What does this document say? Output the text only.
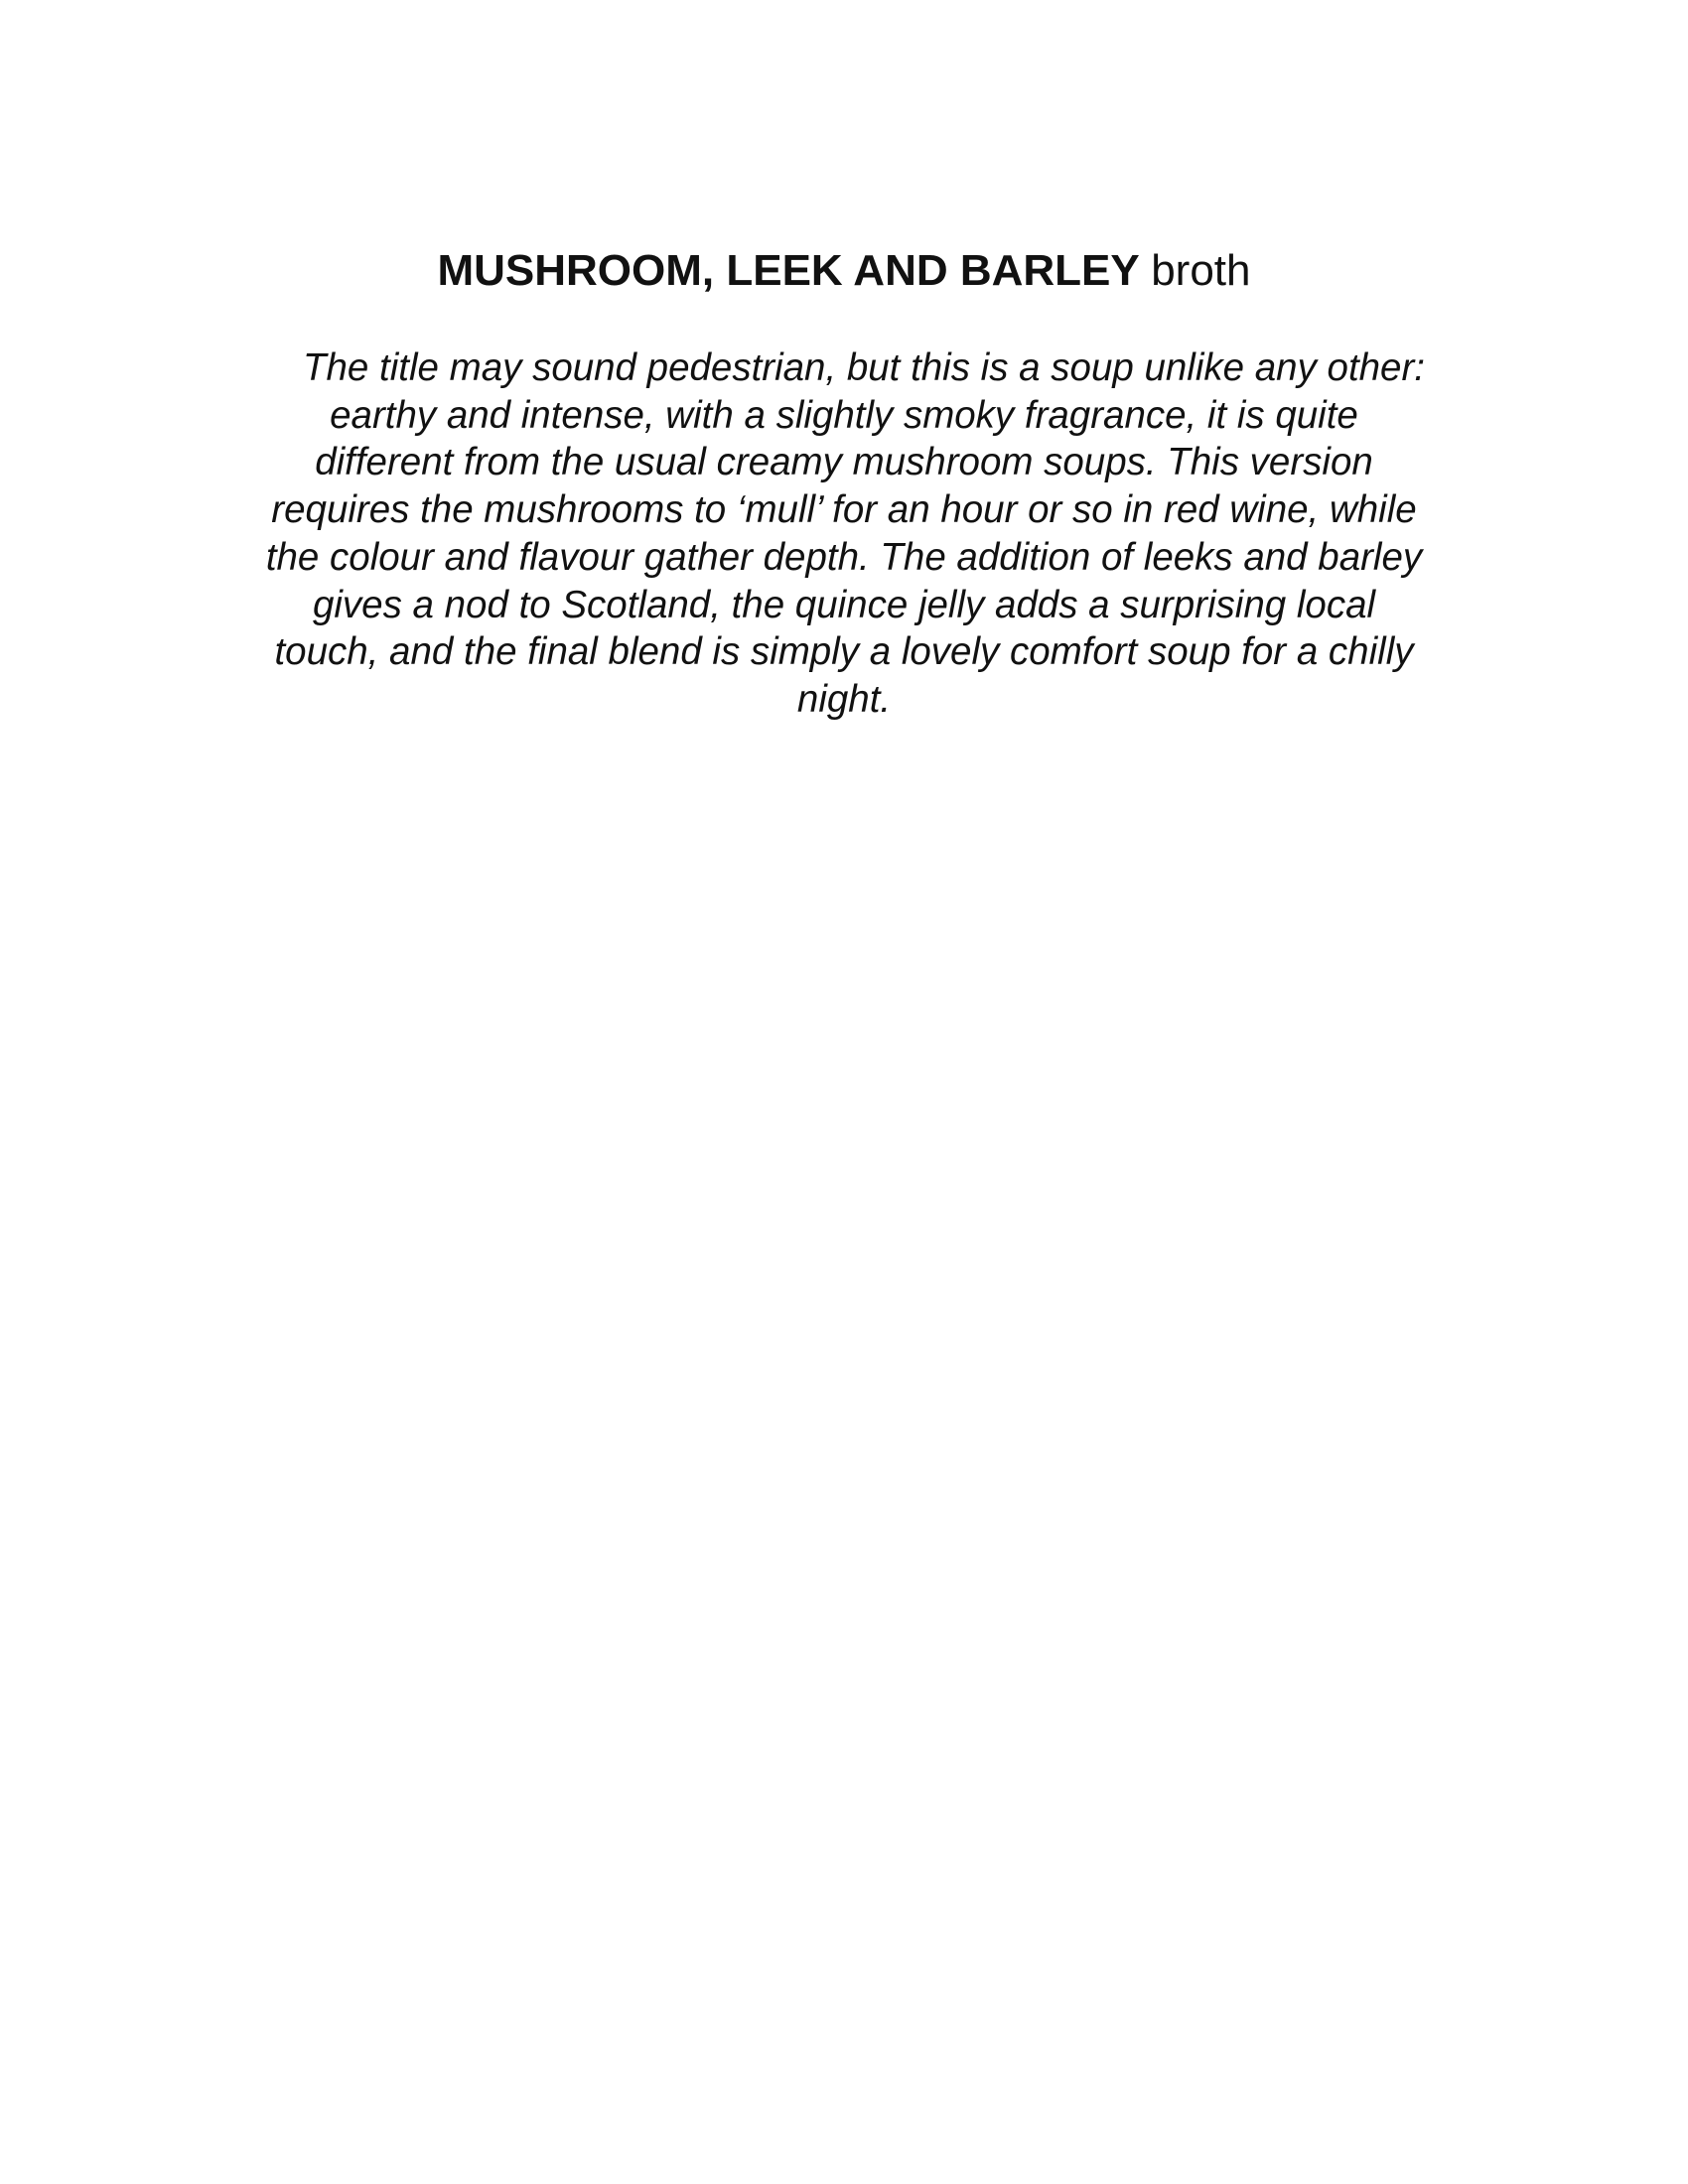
MUSHROOM, LEEK AND BARLEY broth

The title may sound pedestrian, but this is a soup unlike any other:
earthy and intense, with a slightly smoky fragrance, it is quite
different from the usual creamy mushroom soups. This version
requires the mushrooms to ‘mull’ for an hour or so in red wine, while
the colour and flavour gather depth. The addition of leeks and barley
gives a nod to Scotland, the quince jelly adds a surprising local
touch, and the final blend is simply a lovely comfort soup for a chilly
night.
